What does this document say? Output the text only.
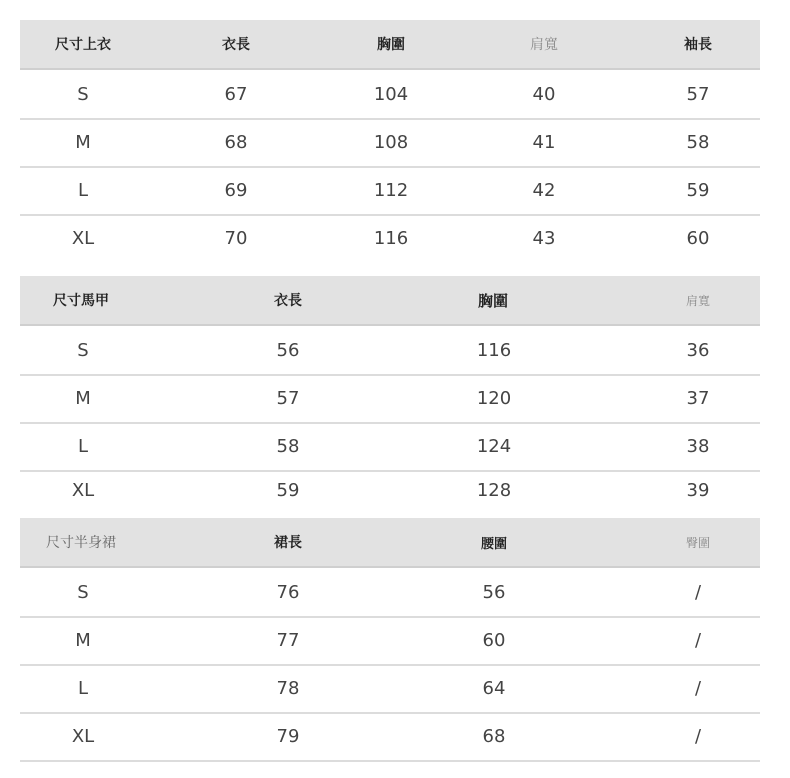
尺寸上衣	衣長	胸圍	肩寬	袖長
S	67	104	40	57
M	68	108	41	58
L	69	112	42	59
XL	70	116	43	60
尺寸馬甲	衣長	胸圍	肩寬
S	56	116	36
M	57	120	37
L	58	124	38
XL	59	128	39
尺寸半身裙	裙長	腰圍	臀圍
S	76	56	/
M	77	60	/
L	78	64	/
XL	79	68	/
